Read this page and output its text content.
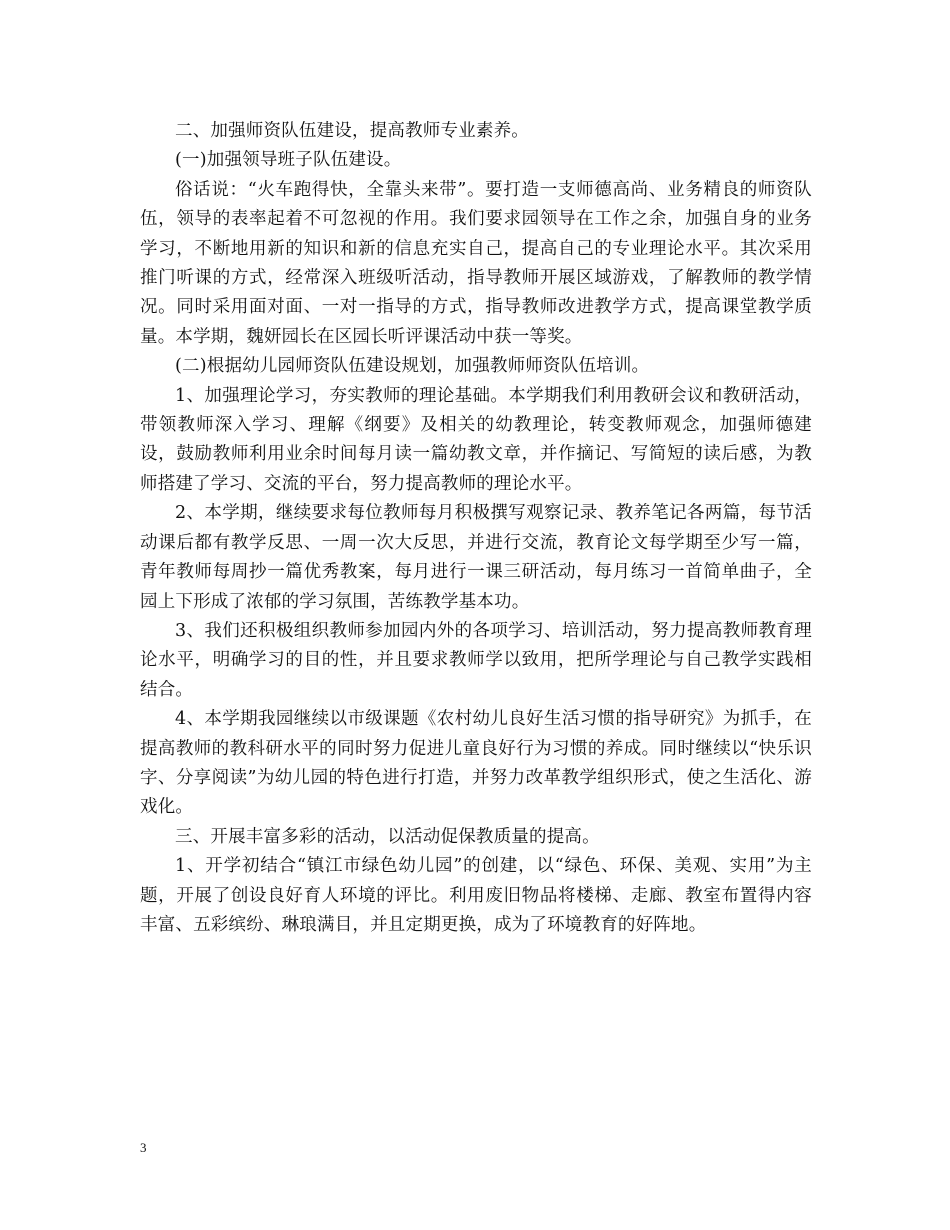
二、加强师资队伍建设，提高教师专业素养。

(一)加强领导班子队伍建设。

俗话说：“火车跑得快，全靠头来带”。要打造一支师德高尚、业务精良的师资队伍，领导的表率起着不可忽视的作用。我们要求园领导在工作之余，加强自身的业务学习，不断地用新的知识和新的信息充实自己，提高自己的专业理论水平。其次采用推门听课的方式，经常深入班级听活动，指导教师开展区域游戏，了解教师的教学情况。同时采用面对面、一对一指导的方式，指导教师改进教学方式，提高课堂教学质量。本学期，魏妍园长在区园长听评课活动中获一等奖。

(二)根据幼儿园师资队伍建设规划，加强教师师资队伍培训。

1、加强理论学习，夯实教师的理论基础。本学期我们利用教研会议和教研活动，带领教师深入学习、理解《纲要》及相关的幼教理论，转变教师观念，加强师德建设，鼓励教师利用业余时间每月读一篇幼教文章，并作摘记、写简短的读后感，为教师搭建了学习、交流的平台，努力提高教师的理论水平。

2、本学期，继续要求每位教师每月积极撰写观察记录、教养笔记各两篇，每节活动课后都有教学反思、一周一次大反思，并进行交流，教育论文每学期至少写一篇，青年教师每周抄一篇优秀教案，每月进行一课三研活动，每月练习一首简单曲子，全园上下形成了浓郁的学习氛围，苦练教学基本功。

3、我们还积极组织教师参加园内外的各项学习、培训活动，努力提高教师教育理论水平，明确学习的目的性，并且要求教师学以致用，把所学理论与自己教学实践相结合。

4、本学期我园继续以市级课题《农村幼儿良好生活习惯的指导研究》为抓手，在提高教师的教科研水平的同时努力促进儿童良好行为习惯的养成。同时继续以“快乐识字、分享阅读”为幼儿园的特色进行打造，并努力改革教学组织形式，使之生活化、游戏化。

三、开展丰富多彩的活动，以活动促保教质量的提高。

1、开学初结合“镇江市绿色幼儿园”的创建，以“绿色、环保、美观、实用”为主题，开展了创设良好育人环境的评比。利用废旧物品将楼梯、走廊、教室布置得内容丰富、五彩缤纷、琳琅满目，并且定期更换，成为了环境教育的好阵地。

3
